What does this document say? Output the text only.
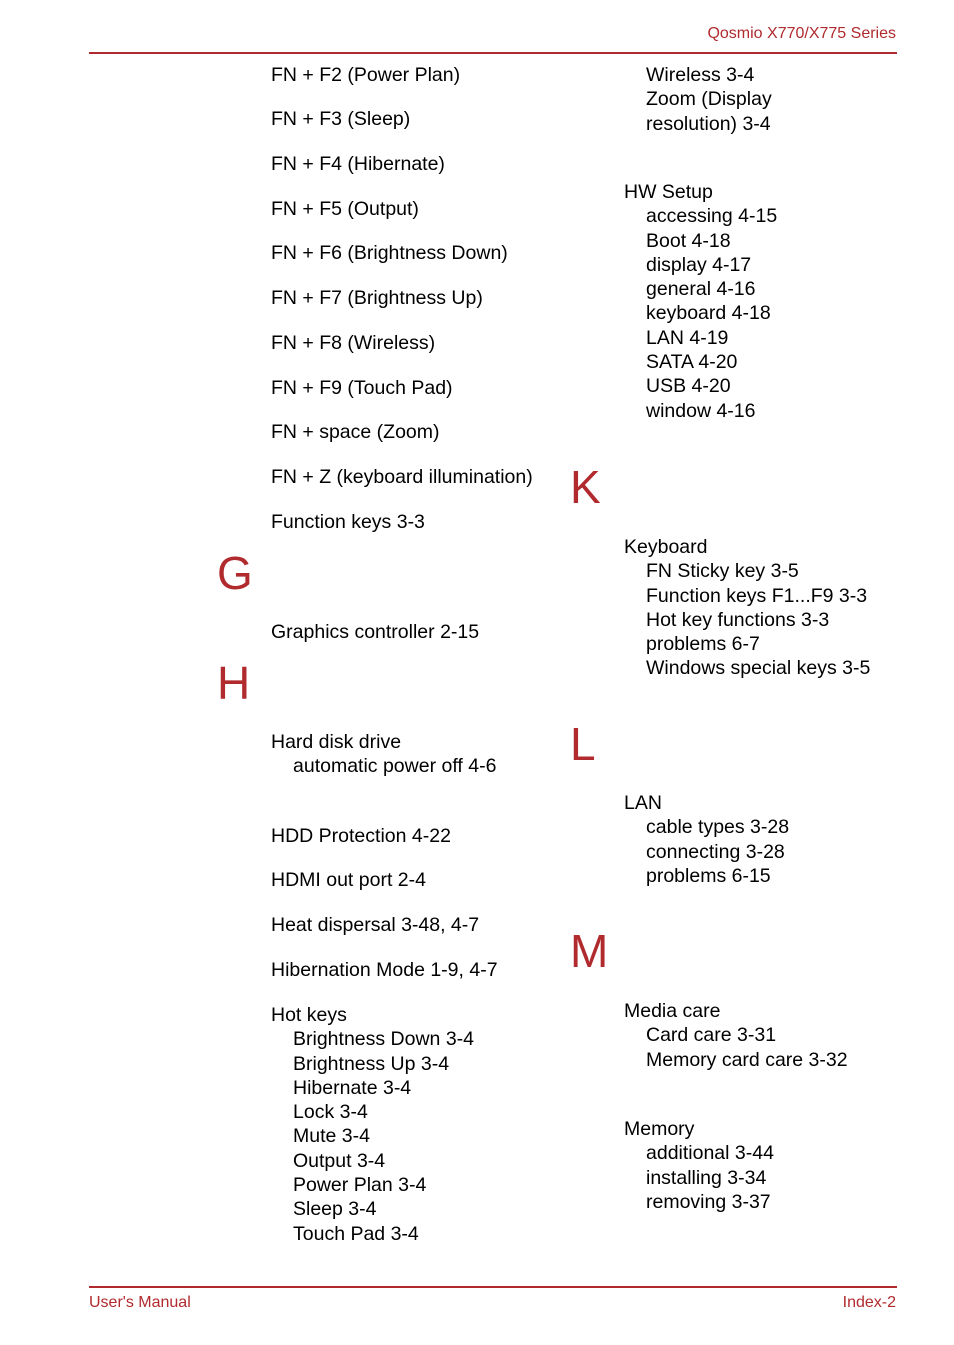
Qosmio X770/X775 Series
FN + F2 (Power Plan)
FN + F3 (Sleep)
FN + F4 (Hibernate)
FN + F5 (Output)
FN + F6 (Brightness Down)
FN + F7 (Brightness Up)
FN + F8 (Wireless)
FN + F9 (Touch Pad)
FN + space (Zoom)
FN + Z (keyboard illumination)
Function keys 3-3
G
Graphics controller 2-15
H
Hard disk drive
automatic power off 4-6
HDD Protection 4-22
HDMI out port 2-4
Heat dispersal 3-48, 4-7
Hibernation Mode 1-9, 4-7
Hot keys
Brightness Down 3-4
Brightness Up 3-4
Hibernate 3-4
Lock 3-4
Mute 3-4
Output 3-4
Power Plan 3-4
Sleep 3-4
Touch Pad 3-4
Wireless 3-4
Zoom (Display
resolution) 3-4
HW Setup
accessing 4-15
Boot 4-18
display 4-17
general 4-16
keyboard 4-18
LAN 4-19
SATA 4-20
USB 4-20
window 4-16
K
Keyboard
FN Sticky key 3-5
Function keys F1...F9 3-3
Hot key functions 3-3
problems 6-7
Windows special keys 3-5
L
LAN
cable types 3-28
connecting 3-28
problems 6-15
M
Media care
Card care 3-31
Memory card care 3-32
Memory
additional 3-44
installing 3-34
removing 3-37
User's Manual	Index-2
